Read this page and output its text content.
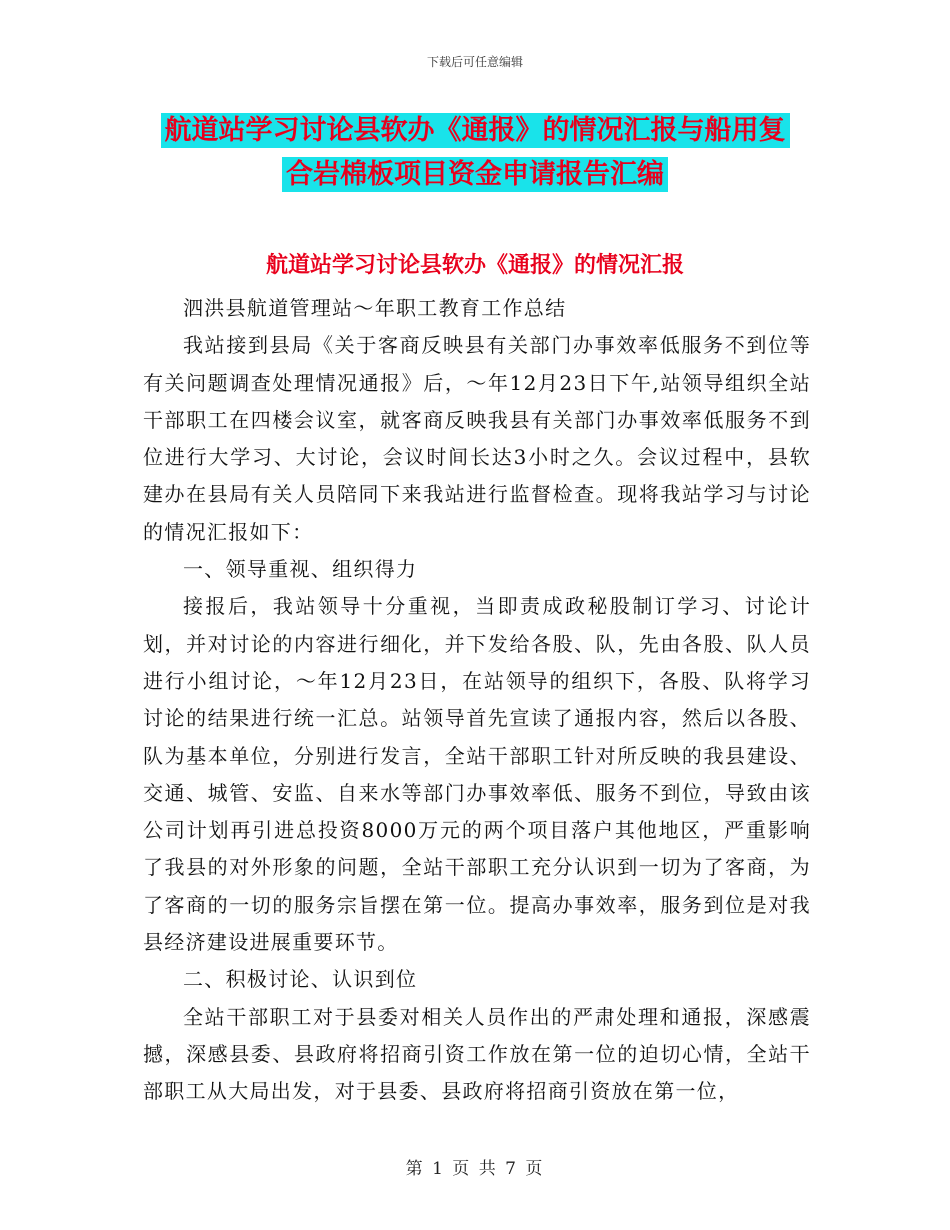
下载后可任意编辑
航道站学习讨论县软办《通报》的情况汇报与船用复
合岩棉板项目资金申请报告汇编
航道站学习讨论县软办《通报》的情况汇报

泗洪县航道管理站～年职工教育工作总结

我站接到县局《关于客商反映县有关部门办事效率低服务不到位等有关问题调查处理情况通报》后，～年12月23日下午,站领导组织全站干部职工在四楼会议室，就客商反映我县有关部门办事效率低服务不到位进行大学习、大讨论，会议时间长达3小时之久。会议过程中，县软建办在县局有关人员陪同下来我站进行监督检查。现将我站学习与讨论的情况汇报如下：

一、领导重视、组织得力

接报后，我站领导十分重视，当即责成政秘股制订学习、讨论计划，并对讨论的内容进行细化，并下发给各股、队，先由各股、队人员进行小组讨论，～年12月23日，在站领导的组织下，各股、队将学习讨论的结果进行统一汇总。站领导首先宣读了通报内容，然后以各股、队为基本单位，分别进行发言，全站干部职工针对所反映的我县建设、交通、城管、安监、自来水等部门办事效率低、服务不到位，导致由该公司计划再引进总投资8000万元的两个项目落户其他地区，严重影响了我县的对外形象的问题，全站干部职工充分认识到一切为了客商，为了客商的一切的服务宗旨摆在第一位。提高办事效率，服务到位是对我县经济建设进展重要环节。

二、积极讨论、认识到位

全站干部职工对于县委对相关人员作出的严肃处理和通报，深感震撼，深感县委、县政府将招商引资工作放在第一位的迫切心情，全站干部职工从大局出发，对于县委、县政府将招商引资放在第一位，

第 1 页 共 7 页
